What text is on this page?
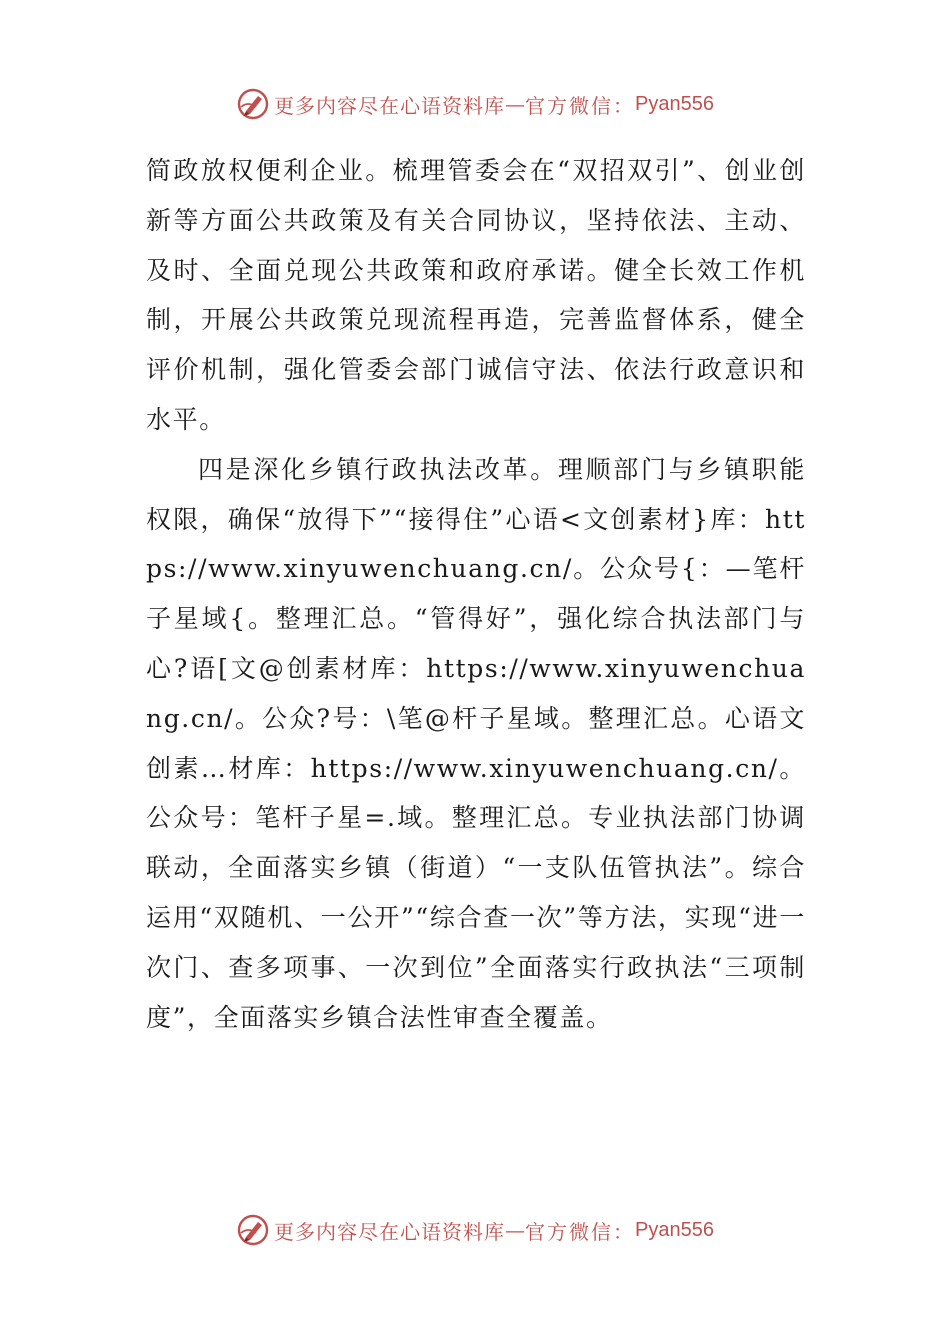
更多内容尽在心语资料库 — 官方微信： Pyan556

简政放权便利企业。梳理管委会在“双招双引”、创业创新等方面公共政策及有关合同协议，坚持依法、主动、及时、全面兑现公共政策和政府承诺。健全长效工作机制，开展公共政策兑现流程再造，完善监督体系，健全评价机制，强化管委会部门诚信守法、依法行政意识和水平。

四是深化乡镇行政执法改革。理顺部门与乡镇职能权限，确保“放得下”“接得住”心语<文创素材}库：https://www.xinyuwenchuang.cn/。公众号{：—笔杆子星域{。整理汇总。“管得好”，强化综合执法部门与心?语[文@创素材库：https://www.xinyuwenchuang.cn/。公众?号：\笔@杆子星域。整理汇总。心语文创素…材库：https://www.xinyuwenchuang.cn/。公众号：笔杆子星=.域。整理汇总。专业执法部门协调联动，全面落实乡镇（街道）“一支队伍管执法”。综合运用“双随机、一公开”“综合查一次”等方法，实现“进一次门、查多项事、一次到位”全面落实行政执法“三项制度”，全面落实乡镇合法性审查全覆盖。

更多内容尽在心语资料库 — 官方微信： Pyan556
